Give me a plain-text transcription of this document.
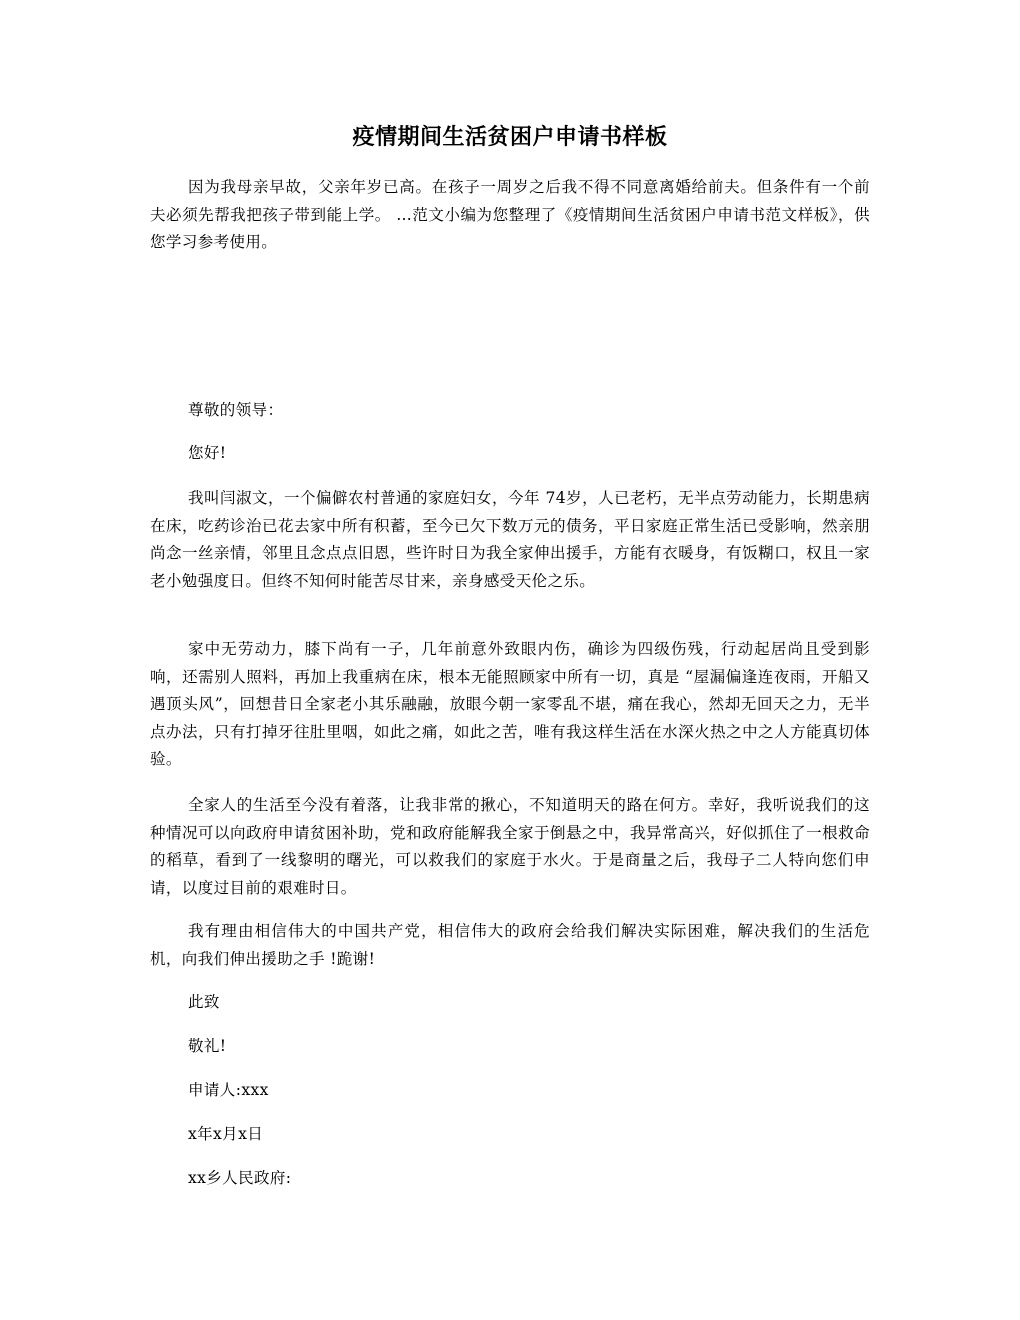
疫情期间生活贫困户申请书样板

因为我母亲早故，父亲年岁已高。在孩子一周岁之后我不得不同意离婚给前夫。但条件有一个前夫必须先帮我把孩子带到能上学。 …范文小编为您整理了《疫情期间生活贫困户申请书范文样板》，供您学习参考使用。

尊敬的领导：
您好!

我叫闫淑文，一个偏僻农村普通的家庭妇女，今年 74岁，人已老朽，无半点劳动能力，长期患病在床，吃药诊治已花去家中所有积蓄，至今已欠下数万元的债务，平日家庭正常生活已受影响，然亲朋尚念一丝亲情，邻里且念点点旧恩，些许时日为我全家伸出援手，方能有衣暖身，有饭糊口，权且一家老小勉强度日。但终不知何时能苦尽甘来，亲身感受天伦之乐。

家中无劳动力，膝下尚有一子，几年前意外致眼内伤，确诊为四级伤残，行动起居尚且受到影响，还需别人照料，再加上我重病在床，根本无能照顾家中所有一切，真是 “屋漏偏逢连夜雨，开船又遇顶头风”，回想昔日全家老小其乐融融，放眼今朝一家零乱不堪，痛在我心，然却无回天之力，无半点办法，只有打掉牙往肚里咽，如此之痛，如此之苦，唯有我这样生活在水深火热之中之人方能真切体验。

全家人的生活至今没有着落，让我非常的揪心，不知道明天的路在何方。幸好，我听说我们的这种情况可以向政府申请贫困补助，党和政府能解我全家于倒悬之中，我异常高兴，好似抓住了一根救命的稻草，看到了一线黎明的曙光，可以救我们的家庭于水火。于是商量之后，我母子二人特向您们申请，以度过目前的艰难时日。

我有理由相信伟大的中国共产党，相信伟大的政府会给我们解决实际困难，解决我们的生活危机，向我们伸出援助之手 !跪谢!

此致
敬礼!
申请人:xxx
x年x月x日
xx乡人民政府:
